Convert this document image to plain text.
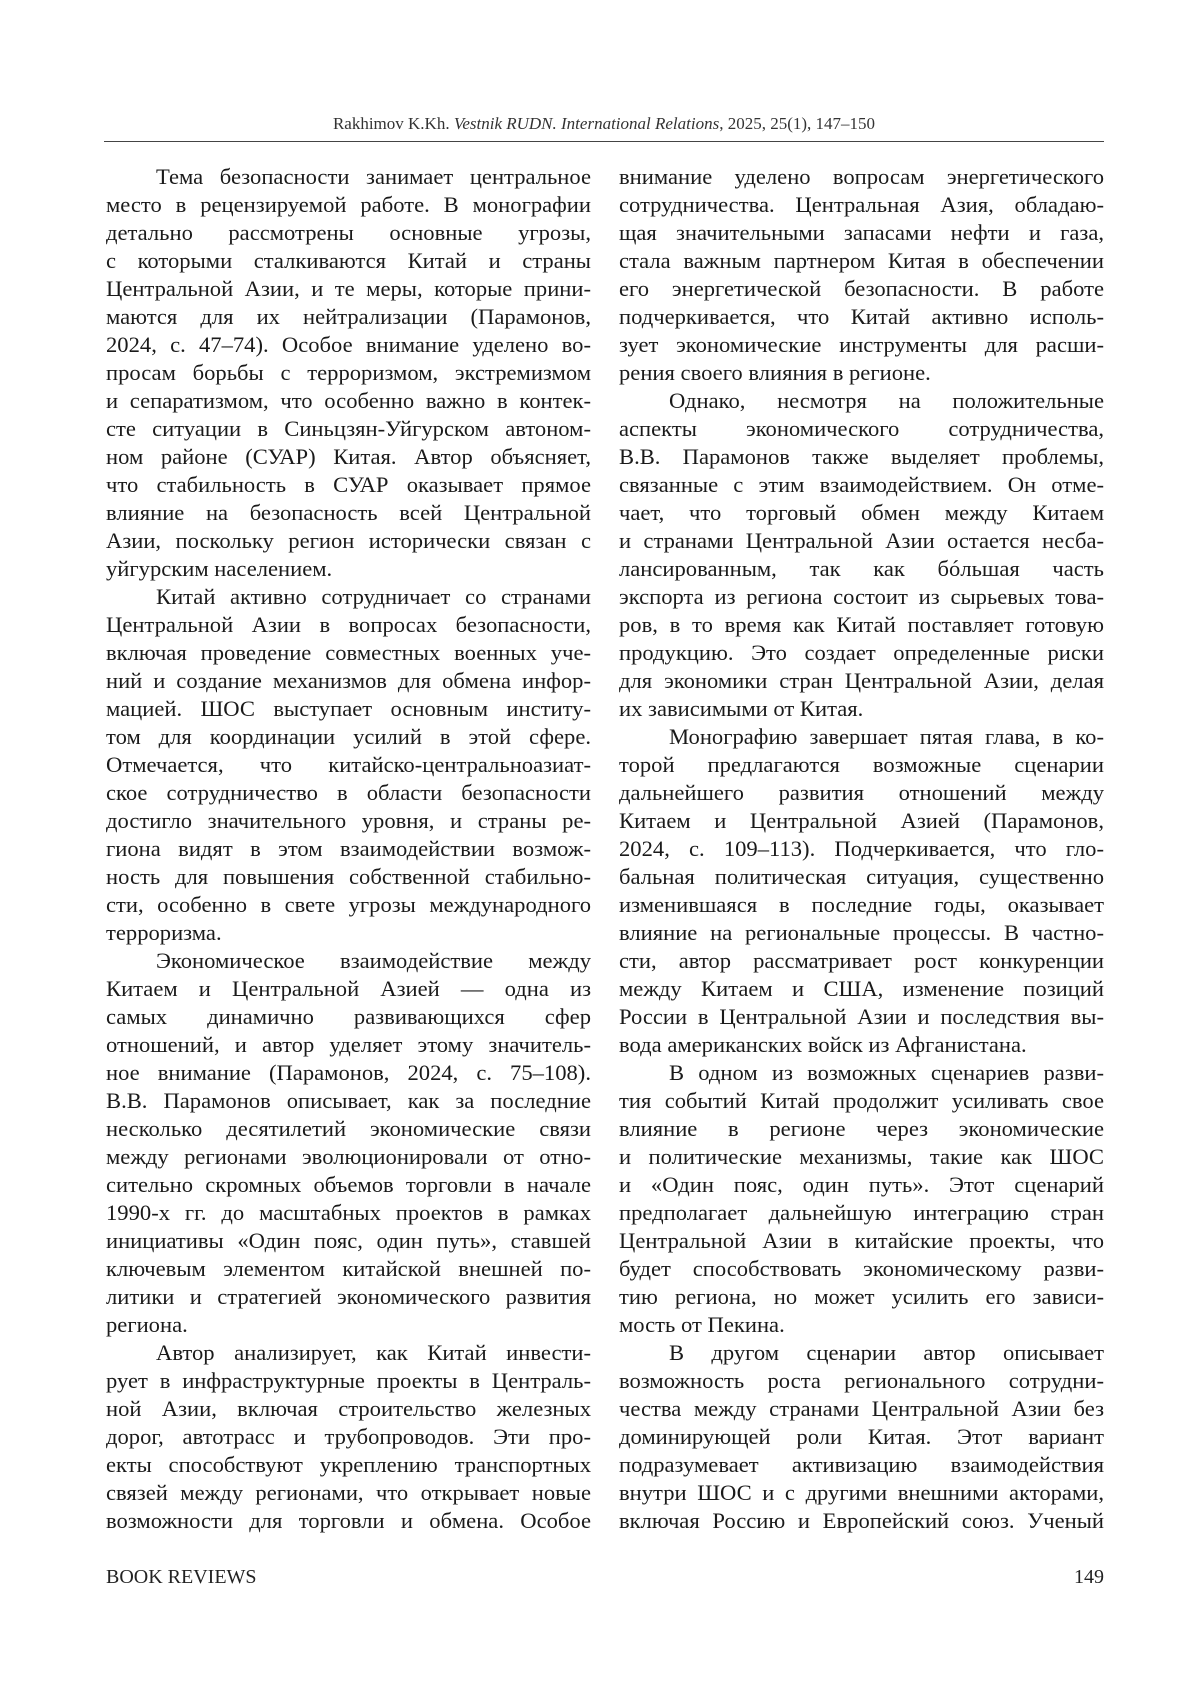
Rakhimov K.Kh. Vestnik RUDN. International Relations, 2025, 25(1), 147–150
Тема безопасности занимает центральное
место в рецензируемой работе. В монографии
детально рассмотрены основные угрозы,
с которыми сталкиваются Китай и страны
Центральной Азии, и те меры, которые прини-
маются для их нейтрализации (Парамонов,
2024, с. 47–74). Особое внимание уделено во-
просам борьбы с терроризмом, экстремизмом
и сепаратизмом, что особенно важно в контек-
сте ситуации в Синьцзян-Уйгурском автоном-
ном районе (СУАР) Китая. Автор объясняет,
что стабильность в СУАР оказывает прямое
влияние на безопасность всей Центральной
Азии, поскольку регион исторически связан с
уйгурским населением.
Китай активно сотрудничает со странами
Центральной Азии в вопросах безопасности,
включая проведение совместных военных уче-
ний и создание механизмов для обмена инфор-
мацией. ШОС выступает основным институ-
том для координации усилий в этой сфере.
Отмечается, что китайско-центральноазиат-
ское сотрудничество в области безопасности
достигло значительного уровня, и страны ре-
гиона видят в этом взаимодействии возмож-
ность для повышения собственной стабильно-
сти, особенно в свете угрозы международного
терроризма.
Экономическое взаимодействие между
Китаем и Центральной Азией — одна из
самых динамично развивающихся сфер
отношений, и автор уделяет этому значитель-
ное внимание (Парамонов, 2024, с. 75–108).
В.В. Парамонов описывает, как за последние
несколько десятилетий экономические связи
между регионами эволюционировали от отно-
сительно скромных объемов торговли в начале
1990-х гг. до масштабных проектов в рамках
инициативы «Один пояс, один путь», ставшей
ключевым элементом китайской внешней по-
литики и стратегией экономического развития
региона.
Автор анализирует, как Китай инвести-
рует в инфраструктурные проекты в Централь-
ной Азии, включая строительство железных
дорог, автотрасс и трубопроводов. Эти про-
екты способствуют укреплению транспортных
связей между регионами, что открывает новые
возможности для торговли и обмена. Особое
внимание уделено вопросам энергетического
сотрудничества. Центральная Азия, обладаю-
щая значительными запасами нефти и газа,
стала важным партнером Китая в обеспечении
его энергетической безопасности. В работе
подчеркивается, что Китай активно исполь-
зует экономические инструменты для расши-
рения своего влияния в регионе.
Однако, несмотря на положительные
аспекты экономического сотрудничества,
В.В. Парамонов также выделяет проблемы,
связанные с этим взаимодействием. Он отме-
чает, что торговый обмен между Китаем
и странами Центральной Азии остается несба-
лансированным, так как бóльшая часть
экспорта из региона состоит из сырьевых това-
ров, в то время как Китай поставляет готовую
продукцию. Это создает определенные риски
для экономики стран Центральной Азии, делая
их зависимыми от Китая.
Монографию завершает пятая глава, в ко-
торой предлагаются возможные сценарии
дальнейшего развития отношений между
Китаем и Центральной Азией (Парамонов,
2024, с. 109–113). Подчеркивается, что гло-
бальная политическая ситуация, существенно
изменившаяся в последние годы, оказывает
влияние на региональные процессы. В частно-
сти, автор рассматривает рост конкуренции
между Китаем и США, изменение позиций
России в Центральной Азии и последствия вы-
вода американских войск из Афганистана.
В одном из возможных сценариев разви-
тия событий Китай продолжит усиливать свое
влияние в регионе через экономические
и политические механизмы, такие как ШОС
и «Один пояс, один путь». Этот сценарий
предполагает дальнейшую интеграцию стран
Центральной Азии в китайские проекты, что
будет способствовать экономическому разви-
тию региона, но может усилить его зависи-
мость от Пекина.
В другом сценарии автор описывает
возможность роста регионального сотрудни-
чества между странами Центральной Азии без
доминирующей роли Китая. Этот вариант
подразумевает активизацию взаимодействия
внутри ШОС и с другими внешними акторами,
включая Россию и Европейский союз. Ученый
BOOK REVIEWS	149
